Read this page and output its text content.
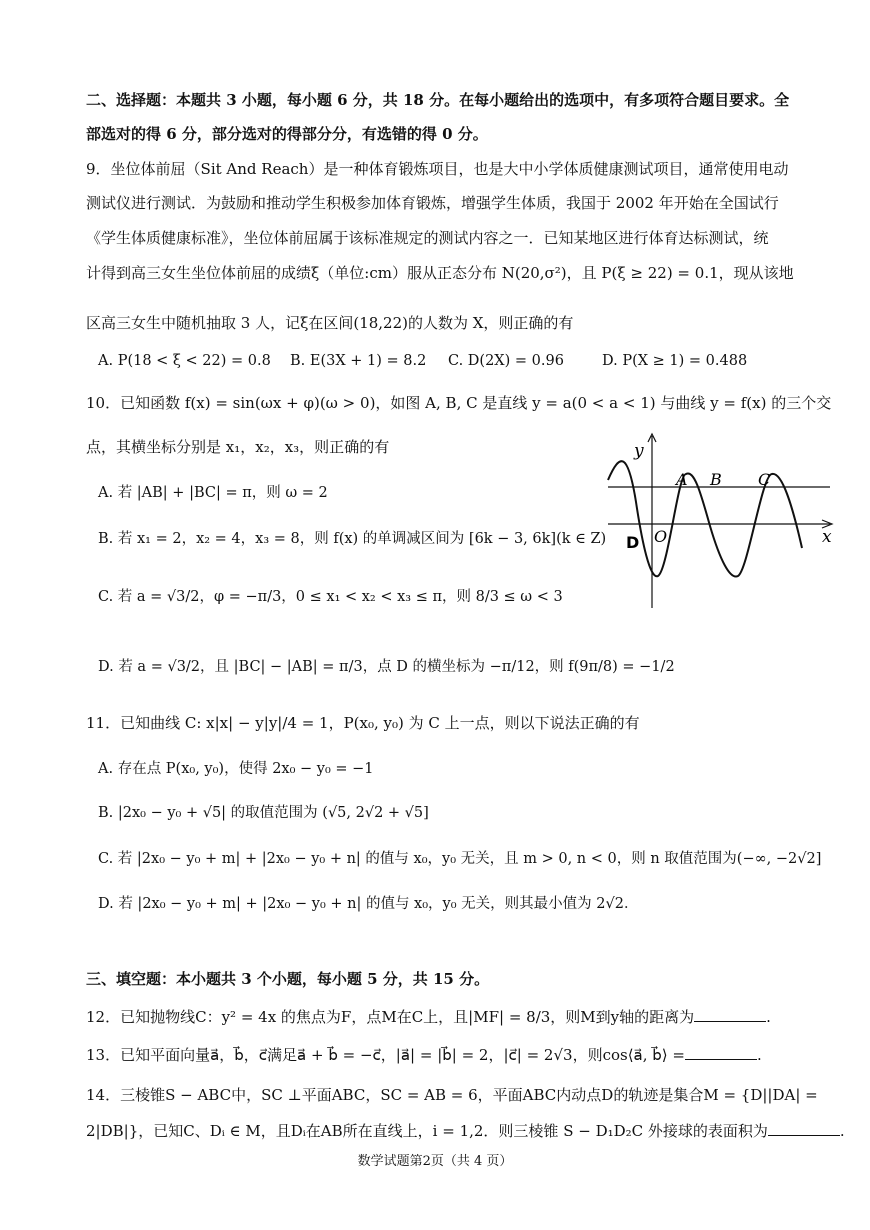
二、选择题：本题共 3 小题，每小题 6 分，共 18 分。在每小题给出的选项中，有多项符合题目要求。全
部选对的得 6 分，部分选对的得部分分，有选错的得 0 分。
9．坐位体前屈（Sit And Reach）是一种体育锻炼项目，也是大中小学体质健康测试项目，通常使用电动
测试仪进行测试．为鼓励和推动学生积极参加体育锻炼，增强学生体质，我国于 2002 年开始在全国试行
《学生体质健康标准》，坐位体前屈属于该标准规定的测试内容之一．已知某地区进行体育达标测试，统
计得到高三女生坐位体前屈的成绩ξ（单位:cm）服从正态分布 N(20,σ²)，且 P(ξ ≥ 22) = 0.1，现从该地
区高三女生中随机抽取 3 人，记ξ在区间(18,22)的人数为 X，则正确的有
A. P(18 < ξ < 22) = 0.8 B. E(3X + 1) = 8.2 C. D(2X) = 0.96	D. P(X ≥ 1) = 0.488
10．已知函数 f(x) = sin(ωx + φ)(ω > 0)，如图 A, B, C 是直线 y = a(0 < a < 1) 与曲线 y = f(x) 的三个交
点，其横坐标分别是 x₁，x₂，x₃，则正确的有
A. 若 |AB| + |BC| = π，则 ω = 2
B. 若 x₁ = 2，x₂ = 4，x₃ = 8，则 f(x) 的单调减区间为 [6k − 3, 6k](k ∈ Z)
C. 若 a = √3/2，φ = −π/3，0 ≤ x₁ < x₂ < x₃ ≤ π，则 8/3 ≤ ω < 3
D. 若 a = √3/2，且 |BC| − |AB| = π/3，点 D 的横坐标为 −π/12，则 f(9π/8) = −1/2
y
x
O
A B C
D
11．已知曲线 C: x|x| − y|y|/4 = 1，P(x₀, y₀) 为 C 上一点，则以下说法正确的有
A. 存在点 P(x₀, y₀)，使得 2x₀ − y₀ = −1
B. |2x₀ − y₀ + √5| 的取值范围为 (√5, 2√2 + √5]
C. 若 |2x₀ − y₀ + m| + |2x₀ − y₀ + n| 的值与 x₀，y₀ 无关，且 m > 0, n < 0，则 n 取值范围为(−∞, −2√2]
D. 若 |2x₀ − y₀ + m| + |2x₀ − y₀ + n| 的值与 x₀，y₀ 无关，则其最小值为 2√2．
三、填空题：本小题共 3 个小题，每小题 5 分，共 15 分。
12．已知抛物线C：y² = 4x 的焦点为F，点M在C上，且|MF| = 8/3，则M到y轴的距离为	.
13．已知平面向量a⃗，b⃗，c⃗满足a⃗ + b⃗ = −c⃗，|a⃗| = |b⃗| = 2，|c⃗| = 2√3，则cos⟨a⃗, b⃗⟩ =	.
14．三棱锥S − ABC中，SC ⊥平面ABC，SC = AB = 6，平面ABC内动点D的轨迹是集合M = {D||DA| =
2|DB|}，已知C、Dᵢ ∈ M，且Dᵢ在AB所在直线上，i = 1,2．则三棱锥 S − D₁D₂C 外接球的表面积为	.
数学试题第2页（共 4 页）
